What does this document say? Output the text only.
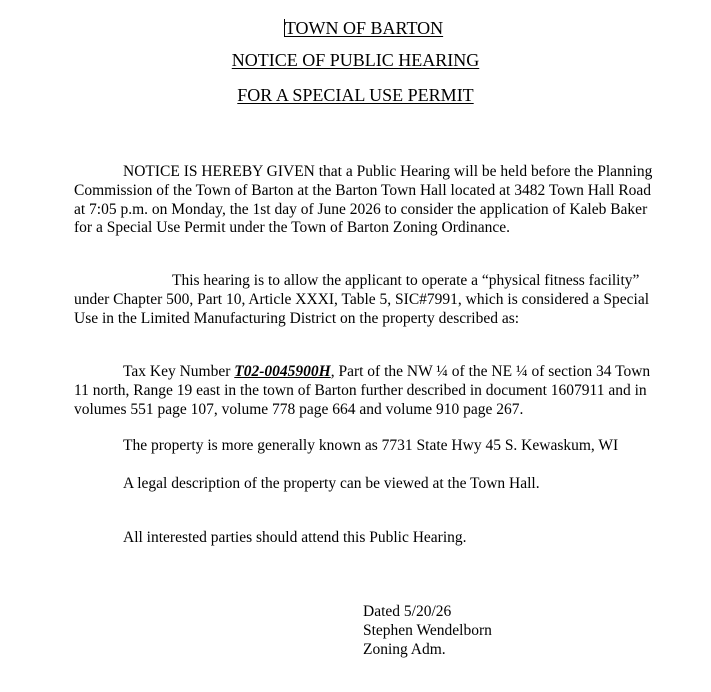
TOWN OF BARTON
NOTICE OF PUBLIC HEARING
FOR A SPECIAL USE PERMIT

NOTICE IS HEREBY GIVEN that a Public Hearing will be held before the Planning Commission of the Town of Barton at the Barton Town Hall located at 3482 Town Hall Road at 7:05 p.m. on Monday, the 1st day of June 2026 to consider the application of Kaleb Baker for a Special Use Permit under the Town of Barton Zoning Ordinance.

This hearing is to allow the applicant to operate a “physical fitness facility” under Chapter 500, Part 10, Article XXXI, Table 5, SIC#7991, which is considered a Special Use in the Limited Manufacturing District on the property described as:

Tax Key Number T02-0045900H, Part of the NW ¼ of the NE ¼ of section 34 Town 11 north, Range 19 east in the town of Barton further described in document 1607911 and in volumes 551 page 107, volume 778 page 664 and volume 910 page 267.

The property is more generally known as 7731 State Hwy 45 S. Kewaskum, WI
A legal description of the property can be viewed at the Town Hall.
All interested parties should attend this Public Hearing.
Dated 5/20/26
Stephen Wendelborn
Zoning Adm.
